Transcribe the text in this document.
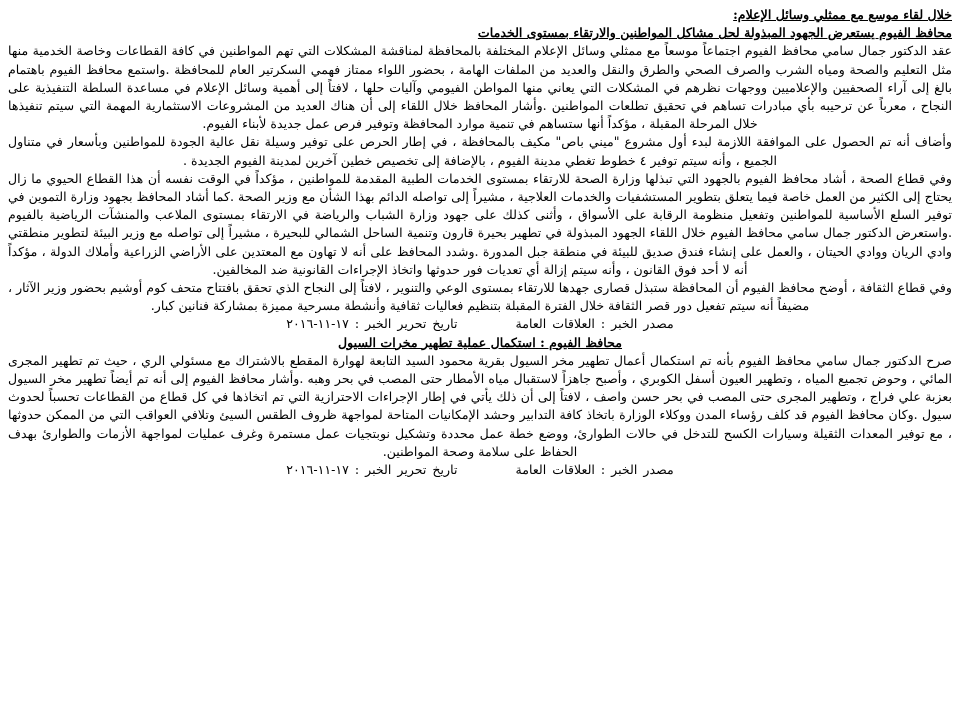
خلال لقاء موسع مع ممثلي وسائل الإعلام:

محافظ الفيوم يستعرض الجهود المبذولة لحل مشاكل المواطنين والارتقاء بمستوى الخدمات

عقد الدكتور جمال سامي محافظ الفيوم اجتماعاً موسعاً مع ممثلي وسائل الإعلام المختلفة بالمحافظة لمناقشة المشكلات التي تهم المواطنين في كافة القطاعات وخاصة الخدمية منها مثل التعليم والصحة ومياه الشرب والصرف الصحي والطرق والنقل والعديد من الملفات الهامة ، بحضور اللواء ممتاز فهمي السكرتير العام للمحافظة .واستمع محافظ الفيوم باهتمام بالغ إلى آراء الصحفيين والإعلاميين ووجهات نظرهم في المشكلات التي يعاني منها المواطن الفيومي وآليات حلها ، لافتاً إلى أهمية وسائل الإعلام في مساعدة السلطة التنفيذية على النجاح ، معرباً عن ترحيبه بأي مبادرات تساهم في تحقيق تطلعات المواطنين .وأشار المحافظ خلال اللقاء إلى أن هناك العديد من المشروعات الاستثمارية المهمة التي سيتم تنفيذها خلال المرحلة المقبلة ، مؤكداً أنها ستساهم في تنمية موارد المحافظة وتوفير فرص عمل جديدة لأبناء الفيوم.

وأضاف أنه تم الحصول على الموافقة اللازمة لبدء أول مشروع "ميني باص" مكيف بالمحافظة ، في إطار الحرص على توفير وسيلة نقل عالية الجودة للمواطنين وبأسعار في متناول الجميع ، وأنه سيتم توفير ٤ خطوط تغطي مدينة الفيوم ، بالإضافة إلى تخصيص خطين آخرين لمدينة الفيوم الجديدة .

وفي قطاع الصحة ، أشاد محافظ الفيوم بالجهود التي تبذلها وزارة الصحة للارتقاء بمستوى الخدمات الطبية المقدمة للمواطنين ، مؤكداً في الوقت نفسه أن هذا القطاع الحيوي ما زال يحتاج إلى الكثير من العمل خاصة فيما يتعلق بتطوير المستشفيات والخدمات العلاجية ، مشيراً إلى تواصله الدائم بهذا الشأن مع وزير الصحة .كما أشاد المحافظ بجهود وزارة التموين في توفير السلع الأساسية للمواطنين وتفعيل منظومة الرقابة على الأسواق ، وأثنى كذلك على جهود وزارة الشباب والرياضة في الارتقاء بمستوى الملاعب والمنشآت الرياضية بالفيوم .واستعرض الدكتور جمال سامي محافظ الفيوم خلال اللقاء الجهود المبذولة في تطهير بحيرة قارون وتنمية الساحل الشمالي للبحيرة ، مشيراً إلى تواصله مع وزير البيئة لتطوير منطقتي وادي الريان ووادي الحيتان ، والعمل على إنشاء فندق صديق للبيئة في منطقة جبل المدورة .وشدد المحافظ على أنه لا تهاون مع المعتدين على الأراضي الزراعية وأملاك الدولة ، مؤكداً أنه لا أحد فوق القانون ، وأنه سيتم إزالة أي تعديات فور حدوثها واتخاذ الإجراءات القانونية ضد المخالفين.

وفي قطاع الثقافة ، أوضح محافظ الفيوم أن المحافظة ستبذل قصارى جهدها للارتقاء بمستوى الوعي والتنوير ، لافتاً إلى النجاح الذي تحقق بافتتاح متحف كوم أوشيم بحضور وزير الآثار ، مضيفاً أنه سيتم تفعيل دور قصر الثقافة خلال الفترة المقبلة بتنظيم فعاليات ثقافية وأنشطة مسرحية مميزة بمشاركة فنانين كبار.

مصدر الخبر : العلاقات العامة  تاريخ تحرير الخبر : ١٧-١١-٢٠١٦

محافظ الفيوم : استكمال عملية تطهير مخرات السيول

صرح الدكتور جمال سامي محافظ الفيوم بأنه تم استكمال أعمال تطهير مخر السيول بقرية محمود السيد التابعة لهوارة المقطع بالاشتراك مع مسئولي الري ، حيث تم تطهير المجرى المائي ، وحوض تجميع المياه ، وتطهير العيون أسفل الكوبري ، وأصبح جاهزاً لاستقبال مياه الأمطار حتى المصب في بحر وهبه .وأشار محافظ الفيوم إلى أنه تم أيضاً تطهير مخر السيول بعزبة علي فراج ، وتطهير المجرى حتى المصب في بحر حسن واصف ، لافتاً إلى أن ذلك يأتي في إطار الإجراءات الاحترازية التي تم اتخاذها في كل قطاع من القطاعات تحسباً لحدوث سيول .وكان محافظ الفيوم قد كلف رؤساء المدن ووكلاء الوزارة باتخاذ كافة التدابير وحشد الإمكانيات المتاحة لمواجهة ظروف الطقس السيئ وتلافي العواقب التي من الممكن حدوثها ، مع توفير المعدات الثقيلة وسيارات الكسح للتدخل في حالات الطوارئ، ووضع خطة عمل محددة وتشكيل نوبتجيات عمل مستمرة وغرف عمليات لمواجهة الأزمات والطوارئ بهدف الحفاظ على سلامة وصحة المواطنين.

مصدر الخبر : العلاقات العامة  تاريخ تحرير الخبر : ١٧-١١-٢٠١٦
